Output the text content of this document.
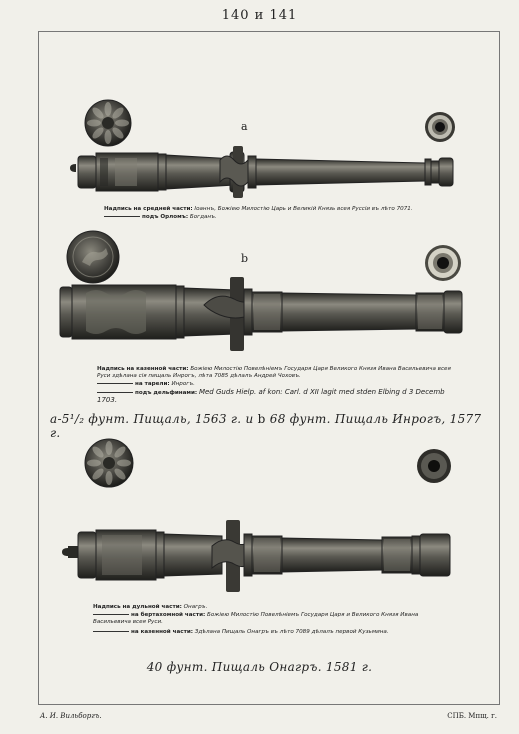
140 и 141
а
Надпись на средней части: Іоаннъ, Божіею Милостію Царь и Великій Князь всея Руссіи въ лѣто 7071.
подъ Орломъ: Богданъ.
b
Надпись на казенной части: Божіею Милостію Повелѣніемъ Государя Царя Великого Князя Ивана Васильевича всея Руси здѣлана сія пищаль Инрогъ, лѣта 7085 дѣлалъ Андрей Чоховъ.
на тарели: Инрогъ.
подъ дельфинами: Med Guds Hielp. af kon: Carl. d XII lagit med stden Elbing d 3 Decemb 1703.
а-5¹/₂ фунт. Пищаль, 1563 г. и b 68 фунт. Пищаль Инрогъ, 1577 г.
Надпись на дульной части: Онагръ.
на бертахомной части: Божіею Милостію Повелѣніемъ Государя Царя и Великого Князя Ивана Васильевича всея Руси.
на казенной части: Здѣлана Пищаль Онагръ въ лѣто 7089 дѣлалъ первой Кузьмина.
40 фунт. Пищаль Онагръ. 1581 г.
А. И. Вильборгъ.	СПБ. Мпщ. г.
